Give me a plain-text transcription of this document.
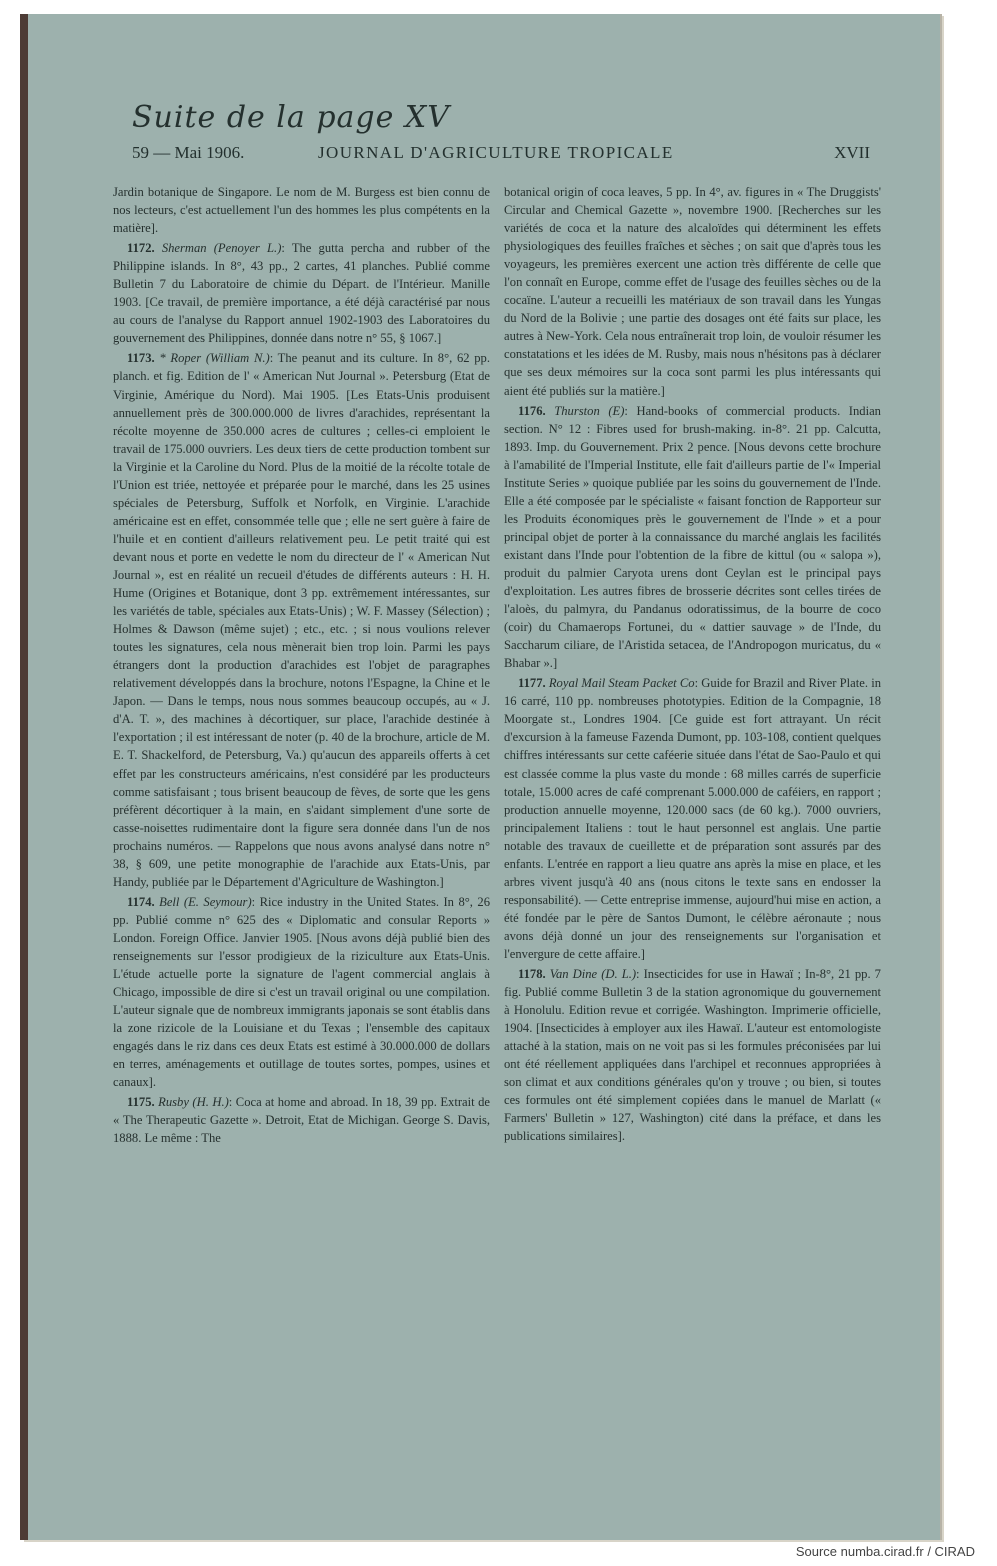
Suite de la page XV
59 — Mai 1906.	JOURNAL D'AGRICULTURE TROPICALE	XVII

Jardin botanique de Singapore. Le nom de M. Burgess est bien connu de nos lecteurs, c'est actuellement l'un des hommes les plus compétents en la matière].

1172. Sherman (Penoyer L.): The gutta percha and rubber of the Philippine islands. In 8°, 43 pp., 2 cartes, 41 planches. Publié comme Bulletin 7 du Laboratoire de chimie du Départ. de l'Intérieur. Manille 1903. [Ce travail, de première importance, a été déjà caractérisé par nous au cours de l'analyse du Rapport annuel 1902-1903 des Laboratoires du gouvernement des Philippines, donnée dans notre n° 55, § 1067.]

1173. * Roper (William N.): The peanut and its culture. In 8°, 62 pp. planch. et fig. Edition de l' « American Nut Journal ». Petersburg (Etat de Virginie, Amérique du Nord). Mai 1905. [Les Etats-Unis produisent annuellement près de 300.000.000 de livres d'arachides, représentant la récolte moyenne de 350.000 acres de cultures ; celles-ci emploient le travail de 175.000 ouvriers. Les deux tiers de cette production tombent sur la Virginie et la Caroline du Nord. Plus de la moitié de la récolte totale de l'Union est triée, nettoyée et préparée pour le marché, dans les 25 usines spéciales de Petersburg, Suffolk et Norfolk, en Virginie. L'arachide américaine est en effet, consommée telle que ; elle ne sert guère à faire de l'huile et en contient d'ailleurs relativement peu. Le petit traité qui est devant nous et porte en vedette le nom du directeur de l' « American Nut Journal », est en réalité un recueil d'études de différents auteurs : H. H. Hume (Origines et Botanique, dont 3 pp. extrêmement intéressantes, sur les variétés de table, spéciales aux Etats-Unis) ; W. F. Massey (Sélection) ; Holmes & Dawson (même sujet) ; etc., etc. ; si nous voulions relever toutes les signatures, cela nous mènerait bien trop loin. Parmi les pays étrangers dont la production d'arachides est l'objet de paragraphes relativement développés dans la brochure, notons l'Espagne, la Chine et le Japon. — Dans le temps, nous nous sommes beaucoup occupés, au « J. d'A. T. », des machines à décortiquer, sur place, l'arachide destinée à l'exportation ; il est intéressant de noter (p. 40 de la brochure, article de M. E. T. Shackelford, de Petersburg, Va.) qu'aucun des appareils offerts à cet effet par les constructeurs américains, n'est considéré par les producteurs comme satisfaisant ; tous brisent beaucoup de fèves, de sorte que les gens préfèrent décortiquer à la main, en s'aidant simplement d'une sorte de casse-noisettes rudimentaire dont la figure sera donnée dans l'un de nos prochains numéros. — Rappelons que nous avons analysé dans notre n° 38, § 609, une petite monographie de l'arachide aux Etats-Unis, par Handy, publiée par le Département d'Agriculture de Washington.]

1174. Bell (E. Seymour): Rice industry in the United States. In 8°, 26 pp. Publié comme n° 625 des « Diplomatic and consular Reports » London. Foreign Office. Janvier 1905. [Nous avons déjà publié bien des renseignements sur l'essor prodigieux de la riziculture aux Etats-Unis. L'étude actuelle porte la signature de l'agent commercial anglais à Chicago, impossible de dire si c'est un travail original ou une compilation. L'auteur signale que de nombreux immigrants japonais se sont établis dans la zone rizicole de la Louisiane et du Texas ; l'ensemble des capitaux engagés dans le riz dans ces deux Etats est estimé à 30.000.000 de dollars en terres, aménagements et outillage de toutes sortes, pompes, usines et canaux].

1175. Rusby (H. H.): Coca at home and abroad. In 18, 39 pp. Extrait de « The Therapeutic Gazette ». Detroit, Etat de Michigan. George S. Davis, 1888. Le même : The

botanical origin of coca leaves, 5 pp. In 4°, av. figures in « The Druggists' Circular and Chemical Gazette », novembre 1900. [Recherches sur les variétés de coca et la nature des alcaloïdes qui déterminent les effets physiologiques des feuilles fraîches et sèches ; on sait que d'après tous les voyageurs, les premières exercent une action très différente de celle que l'on connaît en Europe, comme effet de l'usage des feuilles sèches ou de la cocaïne. L'auteur a recueilli les matériaux de son travail dans les Yungas du Nord de la Bolivie ; une partie des dosages ont été faits sur place, les autres à New-York. Cela nous entraînerait trop loin, de vouloir résumer les constatations et les idées de M. Rusby, mais nous n'hésitons pas à déclarer que ses deux mémoires sur la coca sont parmi les plus intéressants qui aient été publiés sur la matière.]

1176. Thurston (E): Hand-books of commercial products. Indian section. N° 12 : Fibres used for brush-making. in-8°. 21 pp. Calcutta, 1893. Imp. du Gouvernement. Prix 2 pence. [Nous devons cette brochure à l'amabilité de l'Imperial Institute, elle fait d'ailleurs partie de l'« Imperial Institute Series » quoique publiée par les soins du gouvernement de l'Inde. Elle a été composée par le spécialiste « faisant fonction de Rapporteur sur les Produits économiques près le gouvernement de l'Inde » et a pour principal objet de porter à la connaissance du marché anglais les facilités existant dans l'Inde pour l'obtention de la fibre de kittul (ou « salopa »), produit du palmier Caryota urens dont Ceylan est le principal pays d'exploitation. Les autres fibres de brosserie décrites sont celles tirées de l'aloès, du palmyra, du Pandanus odoratissimus, de la bourre de coco (coir) du Chamaerops Fortunei, du « dattier sauvage » de l'Inde, du Saccharum ciliare, de l'Aristida setacea, de l'Andropogon muricatus, du « Bhabar ».]

1177. Royal Mail Steam Packet Co: Guide for Brazil and River Plate. in 16 carré, 110 pp. nombreuses phototypies. Edition de la Compagnie, 18 Moorgate st., Londres 1904. [Ce guide est fort attrayant. Un récit d'excursion à la fameuse Fazenda Dumont, pp. 103-108, contient quelques chiffres intéressants sur cette caféerie située dans l'état de Sao-Paulo et qui est classée comme la plus vaste du monde : 68 milles carrés de superficie totale, 15.000 acres de café comprenant 5.000.000 de caféiers, en rapport ; production annuelle moyenne, 120.000 sacs (de 60 kg.). 7000 ouvriers, principalement Italiens : tout le haut personnel est anglais. Une partie notable des travaux de cueillette et de préparation sont assurés par des enfants. L'entrée en rapport a lieu quatre ans après la mise en place, et les arbres vivent jusqu'à 40 ans (nous citons le texte sans en endosser la responsabilité). — Cette entreprise immense, aujourd'hui mise en action, a été fondée par le père de Santos Dumont, le célèbre aéronaute ; nous avons déjà donné un jour des renseignements sur l'organisation et l'envergure de cette affaire.]

1178. Van Dine (D. L.): Insecticides for use in Hawaï ; In-8°, 21 pp. 7 fig. Publié comme Bulletin 3 de la station agronomique du gouvernement à Honolulu. Edition revue et corrigée. Washington. Imprimerie officielle, 1904. [Insecticides à employer aux iles Hawaï. L'auteur est entomologiste attaché à la station, mais on ne voit pas si les formules préconisées par lui ont été réellement appliquées dans l'archipel et reconnues appropriées à son climat et aux conditions générales qu'on y trouve ; ou bien, si toutes ces formules ont été simplement copiées dans le manuel de Marlatt (« Farmers' Bulletin » 127, Washington) cité dans la préface, et dans les publications similaires].

Source numba.cirad.fr / CIRAD
